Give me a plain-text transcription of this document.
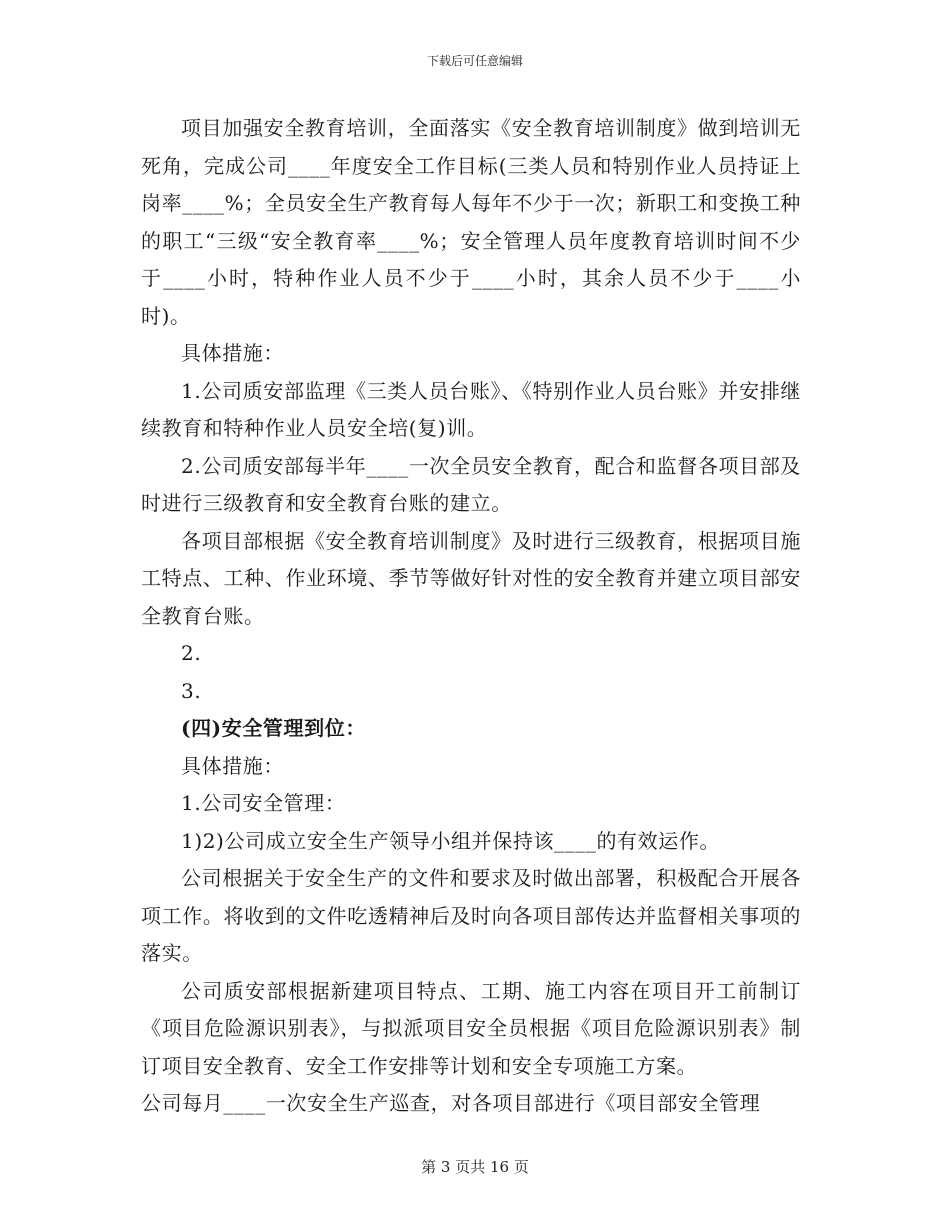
下载后可任意编辑

项目加强安全教育培训，全面落实《安全教育培训制度》做到培训无死角，完成公司____年度安全工作目标(三类人员和特别作业人员持证上岗率____%；全员安全生产教育每人每年不少于一次；新职工和变换工种的职工“三级“安全教育率____%；安全管理人员年度教育培训时间不少于____小时，特种作业人员不少于____小时，其余人员不少于____小时)。

具体措施：

1.公司质安部监理《三类人员台账》、《特别作业人员台账》并安排继续教育和特种作业人员安全培(复)训。

2.公司质安部每半年____一次全员安全教育，配合和监督各项目部及时进行三级教育和安全教育台账的建立。

各项目部根据《安全教育培训制度》及时进行三级教育，根据项目施工特点、工种、作业环境、季节等做好针对性的安全教育并建立项目部安全教育台账。

2.

3.

(四)安全管理到位：

具体措施：

1.公司安全管理：

1)2)公司成立安全生产领导小组并保持该____的有效运作。

公司根据关于安全生产的文件和要求及时做出部署，积极配合开展各项工作。将收到的文件吃透精神后及时向各项目部传达并监督相关事项的落实。

公司质安部根据新建项目特点、工期、施工内容在项目开工前制订《项目危险源识别表》，与拟派项目安全员根据《项目危险源识别表》制订项目安全教育、安全工作安排等计划和安全专项施工方案。

公司每月____一次安全生产巡查，对各项目部进行《项目部安全管理

第 3 页共 16 页
